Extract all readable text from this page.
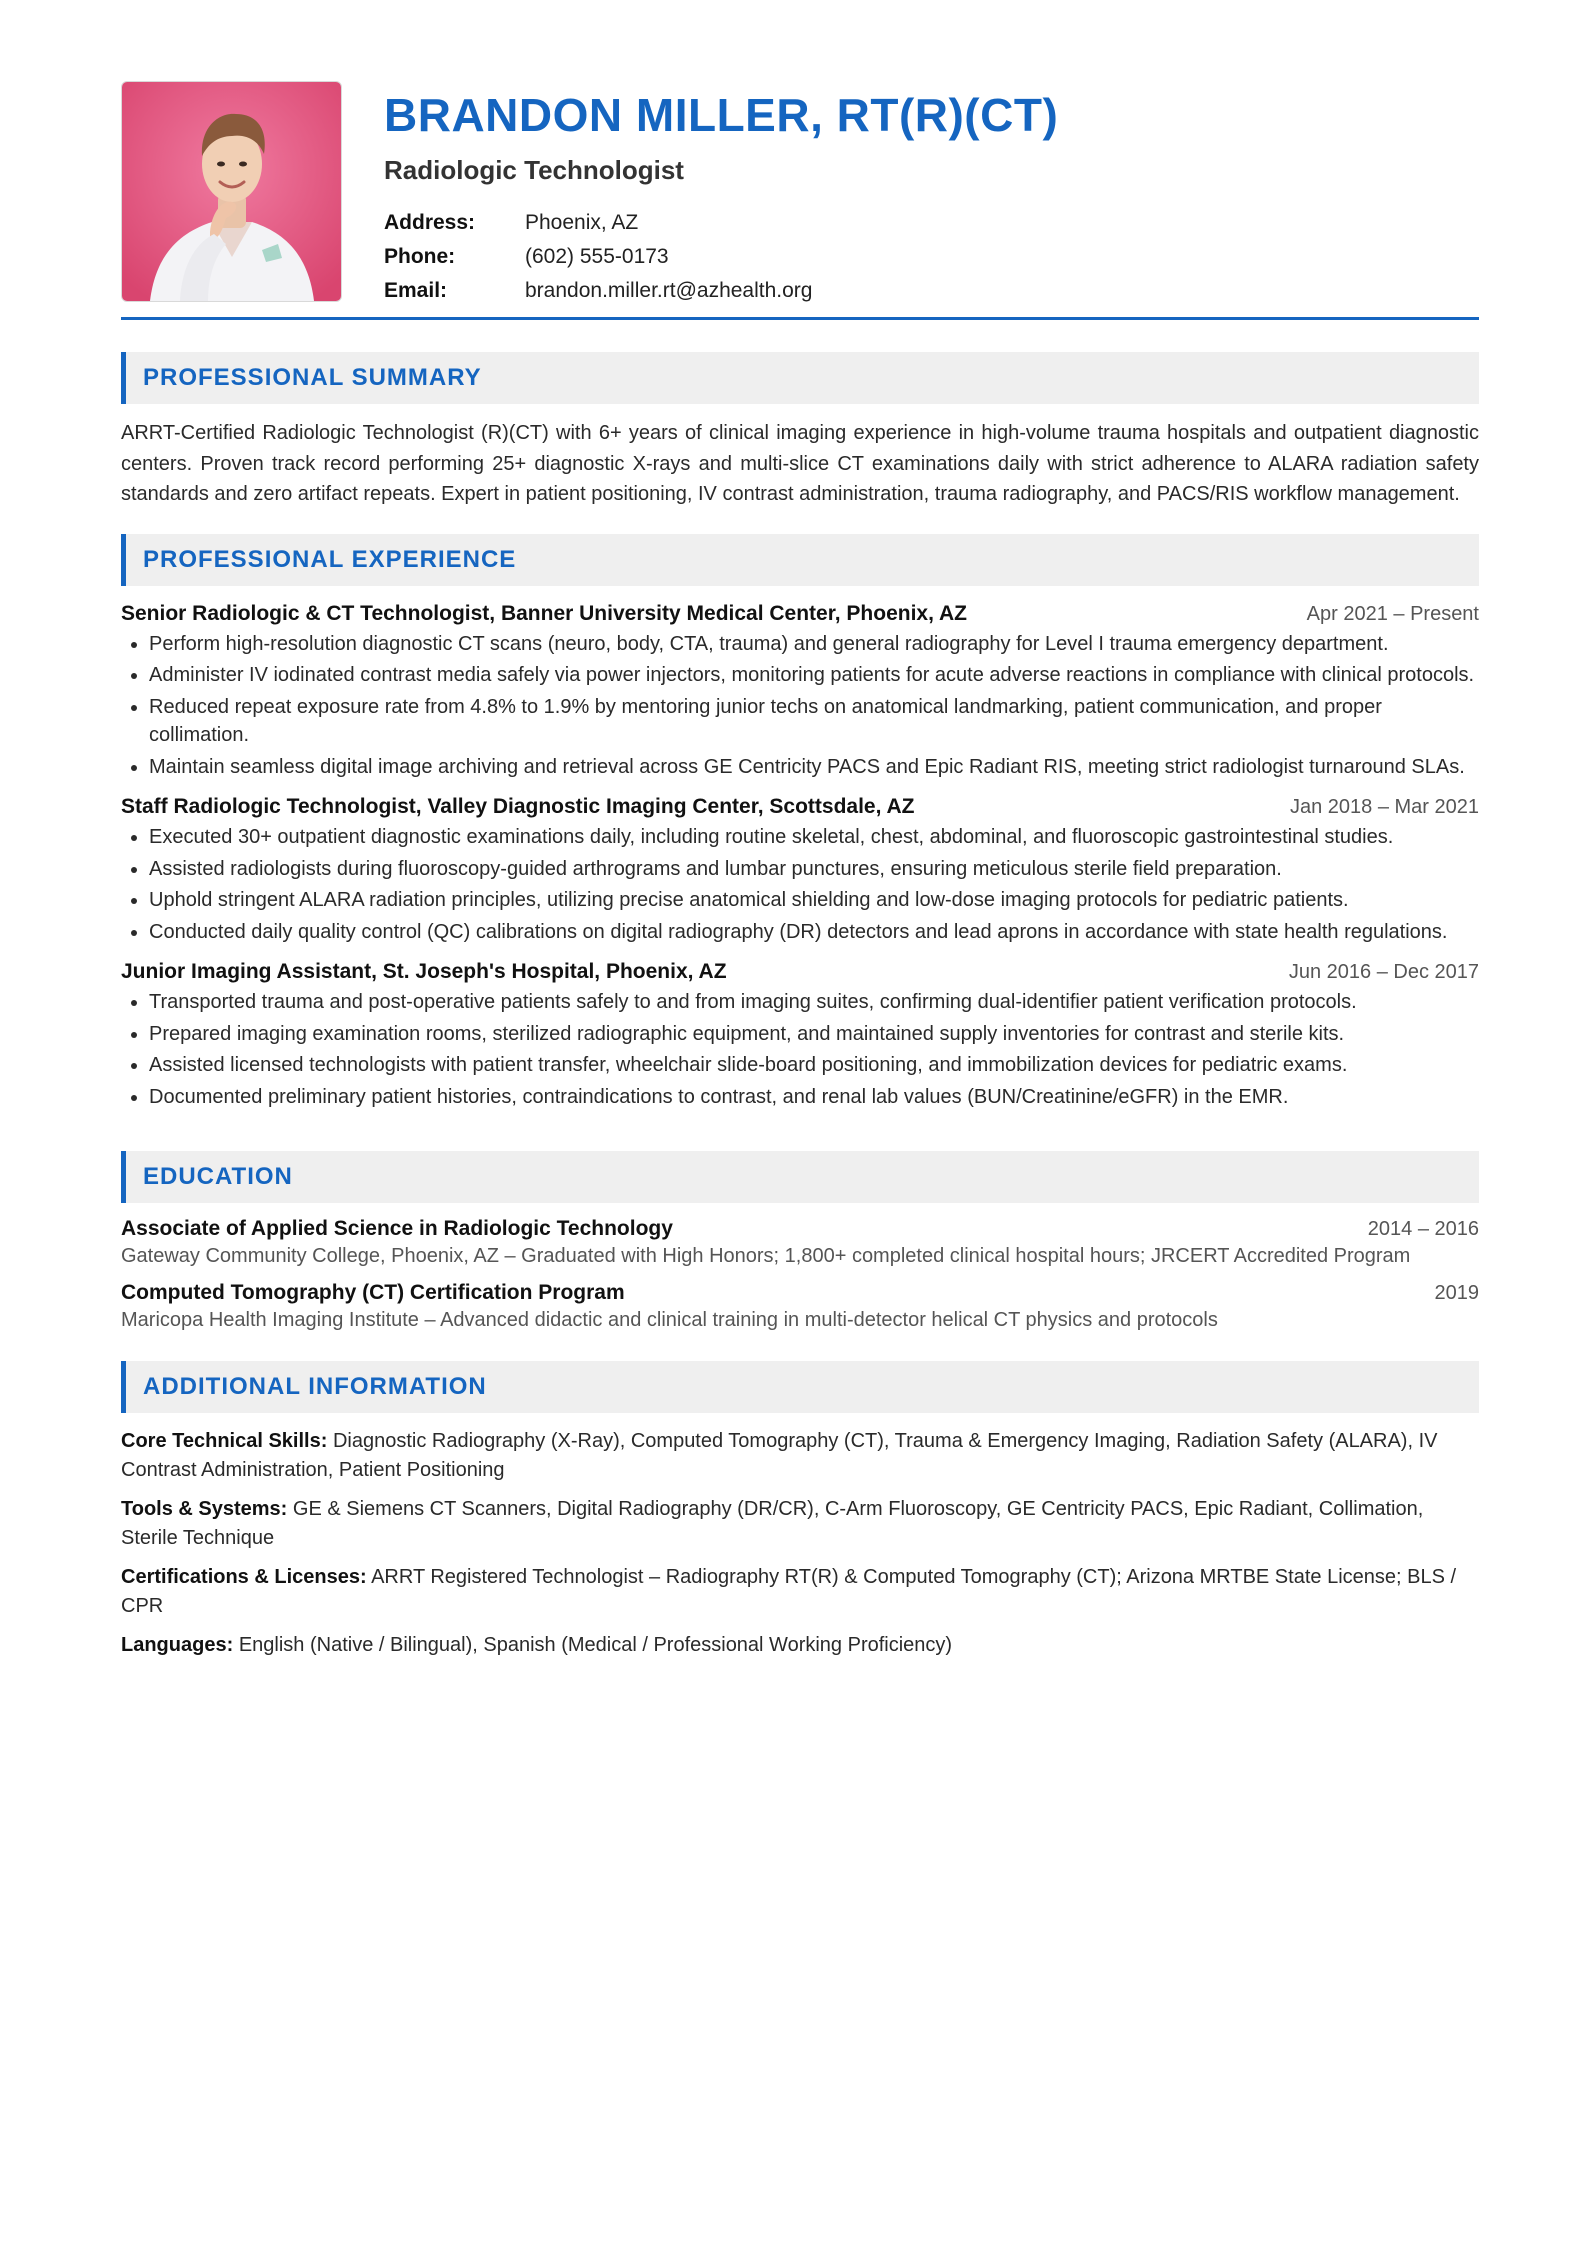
BRANDON MILLER, RT(R)(CT)
Radiologic Technologist
Address:	Phoenix, AZ
Phone:	(602) 555-0173
Email:	brandon.miller.rt@azhealth.org
PROFESSIONAL SUMMARY

ARRT-Certified Radiologic Technologist (R)(CT) with 6+ years of clinical imaging experience in high-volume trauma hospitals and outpatient diagnostic centers. Proven track record performing 25+ diagnostic X-rays and multi-slice CT examinations daily with strict adherence to ALARA radiation safety standards and zero artifact repeats. Expert in patient positioning, IV contrast administration, trauma radiography, and PACS/RIS workflow management.

PROFESSIONAL EXPERIENCE
Senior Radiologic & CT Technologist, Banner University Medical Center, Phoenix, AZ	Apr 2021 – Present
• Perform high-resolution diagnostic CT scans (neuro, body, CTA, trauma) and general radiography for Level I trauma emergency department.
• Administer IV iodinated contrast media safely via power injectors, monitoring patients for acute adverse reactions in compliance with clinical protocols.
• Reduced repeat exposure rate from 4.8% to 1.9% by mentoring junior techs on anatomical landmarking, patient communication, and proper collimation.
• Maintain seamless digital image archiving and retrieval across GE Centricity PACS and Epic Radiant RIS, meeting strict radiologist turnaround SLAs.
Staff Radiologic Technologist, Valley Diagnostic Imaging Center, Scottsdale, AZ	Jan 2018 – Mar 2021
• Executed 30+ outpatient diagnostic examinations daily, including routine skeletal, chest, abdominal, and fluoroscopic gastrointestinal studies.
• Assisted radiologists during fluoroscopy-guided arthrograms and lumbar punctures, ensuring meticulous sterile field preparation.
• Uphold stringent ALARA radiation principles, utilizing precise anatomical shielding and low-dose imaging protocols for pediatric patients.
• Conducted daily quality control (QC) calibrations on digital radiography (DR) detectors and lead aprons in accordance with state health regulations.
Junior Imaging Assistant, St. Joseph's Hospital, Phoenix, AZ	Jun 2016 – Dec 2017
• Transported trauma and post-operative patients safely to and from imaging suites, confirming dual-identifier patient verification protocols.
• Prepared imaging examination rooms, sterilized radiographic equipment, and maintained supply inventories for contrast and sterile kits.
• Assisted licensed technologists with patient transfer, wheelchair slide-board positioning, and immobilization devices for pediatric exams.
• Documented preliminary patient histories, contraindications to contrast, and renal lab values (BUN/Creatinine/eGFR) in the EMR.
EDUCATION
Associate of Applied Science in Radiologic Technology	2014 – 2016
Gateway Community College, Phoenix, AZ – Graduated with High Honors; 1,800+ completed clinical hospital hours; JRCERT Accredited Program
Computed Tomography (CT) Certification Program	2019
Maricopa Health Imaging Institute – Advanced didactic and clinical training in multi-detector helical CT physics and protocols
ADDITIONAL INFORMATION
Core Technical Skills: Diagnostic Radiography (X-Ray), Computed Tomography (CT), Trauma & Emergency Imaging, Radiation Safety (ALARA), IV Contrast Administration, Patient Positioning
Tools & Systems: GE & Siemens CT Scanners, Digital Radiography (DR/CR), C-Arm Fluoroscopy, GE Centricity PACS, Epic Radiant, Collimation, Sterile Technique
Certifications & Licenses: ARRT Registered Technologist – Radiography RT(R) & Computed Tomography (CT); Arizona MRTBE State License; BLS / CPR
Languages: English (Native / Bilingual), Spanish (Medical / Professional Working Proficiency)
